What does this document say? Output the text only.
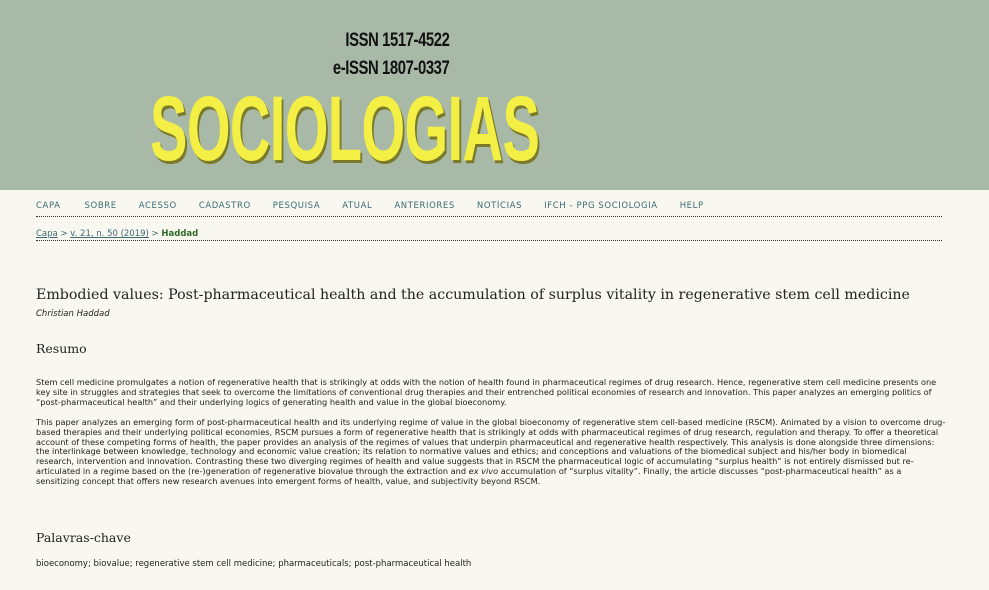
ISSN 1517-4522
e-ISSN 1807-0337
SOCIOLOGIAS
CAPA	SOBRE	ACESSO	CADASTRO	PESQUISA	ATUAL	ANTERIORES	NOTÍCIAS	IFCH - PPG SOCIOLOGIA	HELP
Capa > v. 21, n. 50 (2019) > Haddad
Embodied values: Post-pharmaceutical health and the accumulation of surplus vitality in regenerative stem cell medicine
Christian Haddad
Resumo
Stem cell medicine promulgates a notion of regenerative health that is strikingly at odds with the notion of health found in pharmaceutical regimes of drug research. Hence, regenerative stem cell medicine presents one key site in struggles and strategies that seek to overcome the limitations of conventional drug therapies and their entrenched political economies of research and innovation. This paper analyzes an emerging politics of “post-pharmaceutical health” and their underlying logics of generating health and value in the global bioeconomy.
This paper analyzes an emerging form of post-pharmaceutical health and its underlying regime of value in the global bioeconomy of regenerative stem cell-based medicine (RSCM). Animated by a vision to overcome drug-based therapies and their underlying political economies, RSCM pursues a form of regenerative health that is strikingly at odds with pharmaceutical regimes of drug research, regulation and therapy. To offer a theoretical account of these competing forms of health, the paper provides an analysis of the regimes of values that underpin pharmaceutical and regenerative health respectively. This analysis is done alongside three dimensions: the interlinkage between knowledge, technology and economic value creation; its relation to normative values and ethics; and conceptions and valuations of the biomedical subject and his/her body in biomedical research, intervention and innovation. Contrasting these two diverging regimes of health and value suggests that in RSCM the pharmaceutical logic of accumulating “surplus health” is not entirely dismissed but re-articulated in a regime based on the (re-)generation of regenerative biovalue through the extraction and ex vivo accumulation of “surplus vitality”. Finally, the article discusses “post-pharmaceutical health” as a sensitizing concept that offers new research avenues into emergent forms of health, value, and subjectivity beyond RSCM.
Palavras-chave
bioeconomy; biovalue; regenerative stem cell medicine; pharmaceuticals; post-pharmaceutical health
